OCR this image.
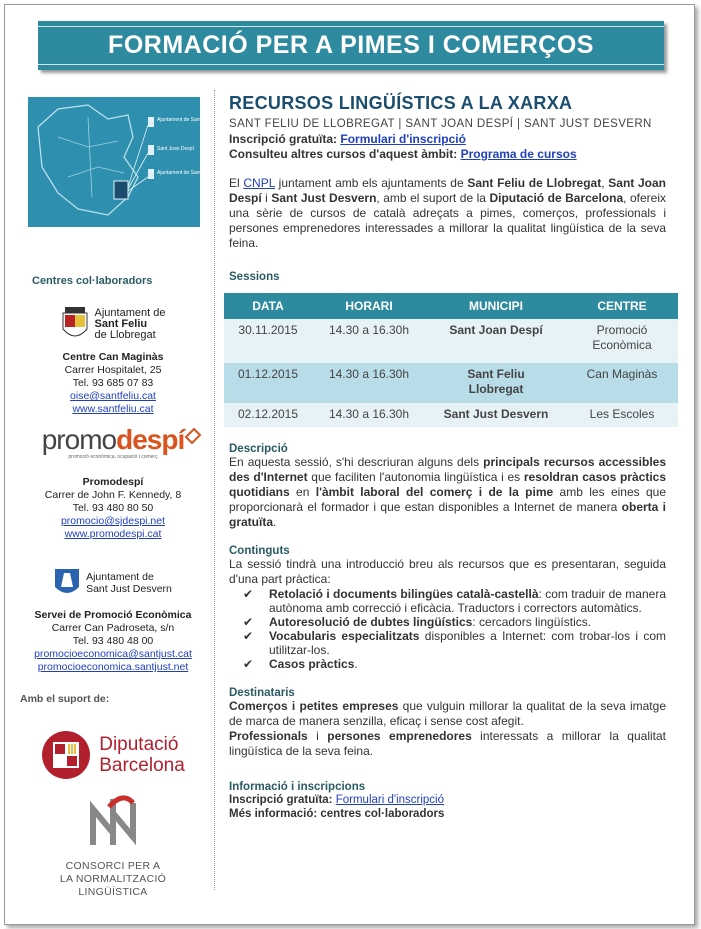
FORMACIÓ PER A PIMES I COMERÇOS
Ajuntament de Sant Feliu de Llobregat
Sant Joan Despí
Ajuntament de Sant Just Desvern
Centres col·laboradors
Ajuntament de
Sant Feliu
de Llobregat
Centre Can Maginàs
Carrer Hospitalet, 25
Tel. 93 685 07 83
oise@santfeliu.cat
www.santfeliu.cat
promodespí
promoció econòmica, ocupació i comerç
Promodespí
Carrer de John F. Kennedy, 8
Tel. 93 480 80 50
promocio@sjdespi.net
www.promodespi.cat
Ajuntament de
Sant Just Desvern
Servei de Promoció Econòmica
Carrer Can Padroseta, s/n
Tel. 93 480 48 00
promocioeconomica@santjust.cat
promocioeconomica.santjust.net
Amb el suport de:
Diputació
Barcelona
CONSORCI PER A
LA NORMALITZACIÓ
LINGÜÍSTICA
RECURSOS LINGÜÍSTICS A LA XARXA
SANT FELIU DE LLOBREGAT | SANT JOAN DESPÍ | SANT JUST DESVERN
Inscripció gratuïta: Formulari d'inscripció
Consulteu altres cursos d'aquest àmbit: Programa de cursos

El CNPL juntament amb els ajuntaments de Sant Feliu de Llobregat, Sant Joan Despí i Sant Just Desvern, amb el suport de la Diputació de Barcelona, ofereix una sèrie de cursos de català adreçats a pimes, comerços, professionals i persones emprenedores interessades a millorar la qualitat lingüística de la seva feina.

Sessions
DATA	HORARI	MUNICIPI	CENTRE
30.11.2015	14.30 a 16.30h	Sant Joan Despí	Promoció Econòmica
01.12.2015	14.30 a 16.30h	Sant Feliu Llobregat	Can Maginàs
02.12.2015	14.30 a 16.30h	Sant Just Desvern	Les Escoles
Descripció

En aquesta sessió, s'hi descriuran alguns dels principals recursos accessibles des d'Internet que faciliten l'autonomia lingüística i es resoldran casos pràctics quotidians en l'àmbit laboral del comerç i de la pime amb les eines que proporcionarà el formador i que estan disponibles a Internet de manera oberta i gratuïta.

Continguts

La sessió tindrà una introducció breu als recursos que es presentaran, seguida d'una part pràctica:

✔ Retolació i documents bilingües català-castellà: com traduir de manera autònoma amb correcció i eficàcia. Traductors i correctors automàtics.
✔ Autoresolució de dubtes lingüístics: cercadors lingüístics.
✔ Vocabularis especialitzats disponibles a Internet: com trobar-los i com utilitzar-los.
✔ Casos pràctics.
Destinataris

Comerços i petites empreses que vulguin millorar la qualitat de la seva imatge de marca de manera senzilla, eficaç i sense cost afegit.

Professionals i persones emprenedores interessats a millorar la qualitat lingüística de la seva feina.

Informació i inscripcions
Inscripció gratuïta: Formulari d'inscripció
Més informació: centres col·laboradors
